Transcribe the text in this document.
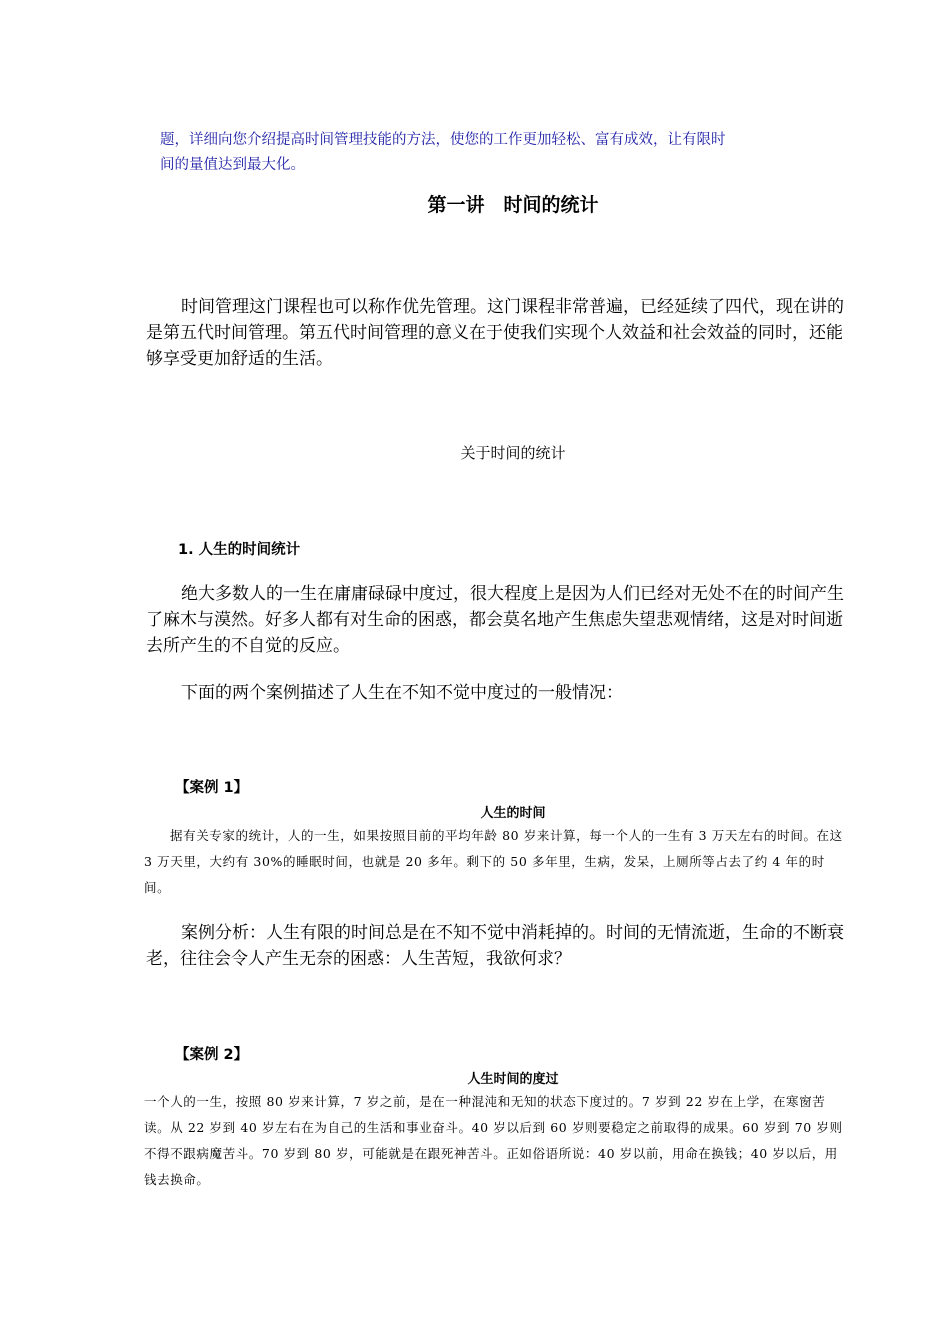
题，详细向您介绍提高时间管理技能的方法，使您的工作更加轻松、富有成效，让有限时
间的量值达到最大化。
第一讲　时间的统计
时间管理这门课程也可以称作优先管理。这门课程非常普遍，已经延续了四代，现在讲的是第五代时间管理。第五代时间管理的意义在于使我们实现个人效益和社会效益的同时，还能够享受更加舒适的生活。
关于时间的统计
1. 人生的时间统计
绝大多数人的一生在庸庸碌碌中度过，很大程度上是因为人们已经对无处不在的时间产生了麻木与漠然。好多人都有对生命的困惑，都会莫名地产生焦虑失望悲观情绪，这是对时间逝去所产生的不自觉的反应。
下面的两个案例描述了人生在不知不觉中度过的一般情况：
【案例 1】
人生的时间
据有关专家的统计，人的一生，如果按照目前的平均年龄 80 岁来计算，每一个人的一生有 3 万天左右的时间。在这 3 万天里，大约有 30%的睡眠时间，也就是 20 多年。剩下的 50 多年里，生病，发呆，上厕所等占去了约 4 年的时间。
案例分析：人生有限的时间总是在不知不觉中消耗掉的。时间的无情流逝，生命的不断衰老，往往会令人产生无奈的困惑：人生苦短，我欲何求？
【案例 2】
人生时间的度过
一个人的一生，按照 80 岁来计算，7 岁之前，是在一种混沌和无知的状态下度过的。7 岁到 22 岁在上学，在寒窗苦读。从 22 岁到 40 岁左右在为自己的生活和事业奋斗。40 岁以后到 60 岁则要稳定之前取得的成果。60 岁到 70 岁则不得不跟病魔苦斗。70 岁到 80 岁，可能就是在跟死神苦斗。正如俗语所说：40 岁以前，用命在换钱；40 岁以后，用钱去换命。
